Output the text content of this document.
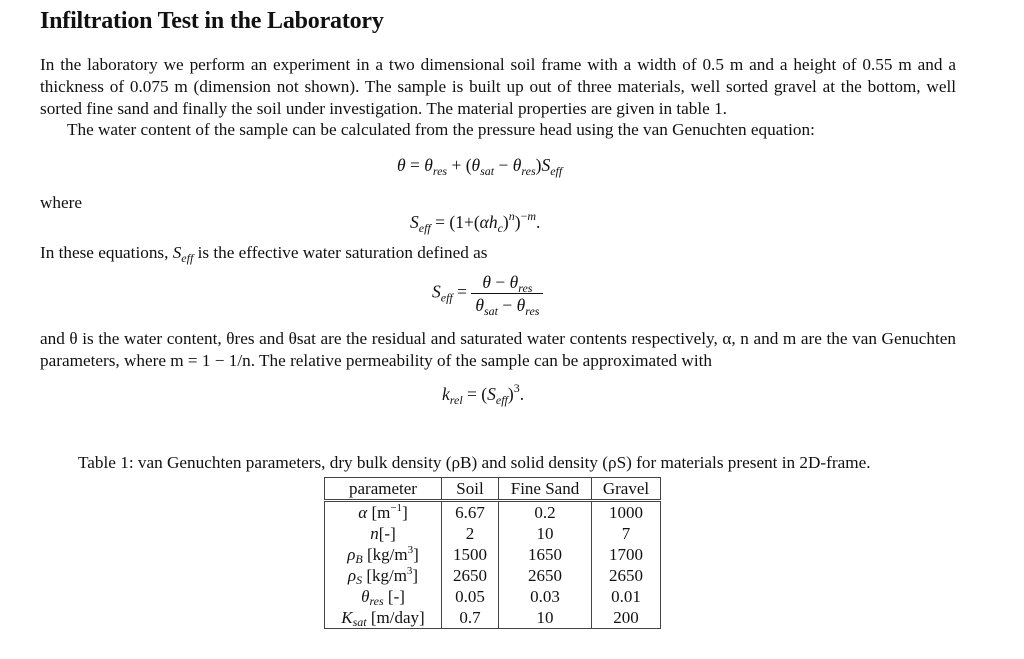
Infiltration Test in the Laboratory

In the laboratory we perform an experiment in a two dimensional soil frame with a width of 0.5 m and a height of 0.55 m and a thickness of 0.075 m (dimension not shown). The sample is built up out of three materials, well sorted gravel at the bottom, well sorted fine sand and finally the soil under investigation. The material properties are given in table 1.

The water content of the sample can be calculated from the pressure head using the van Genuchten equation:

$\theta = \theta_{res} + (\theta_{sat} - \theta_{res})S_{eff}$
where
$S_{eff} = (1+(\alpha h_c)^n)^{-m}$.
In these equations, $S_{eff}$ is the effective water saturation defined as
$S_{eff} = \frac{\theta - \theta_{res}}{\theta_{sat} - \theta_{res}}$

and θ is the water content, θres and θsat are the residual and saturated water contents respectively, α, n and m are the van Genuchten parameters, where m = 1 − 1/n. The relative permeability of the sample can be approximated with

$k_{rel} = (S_{eff})^3$.
Table 1: van Genuchten parameters, dry bulk density (ρB) and solid density (ρS) for materials present in 2D-frame.
parameter	Soil	Fine Sand	Gravel
α $[m^{-1}]$	6.67	0.2	1000
n[-]	2	10	7
$\rho_B$ $[kg/m^3]$	1500	1650	1700
$\rho_S$ $[kg/m^3]$	2650	2650	2650
$\theta_{res}$ [-]	0.05	0.03	0.01
$K_{sat}$ [m/day]	0.7	10	200
